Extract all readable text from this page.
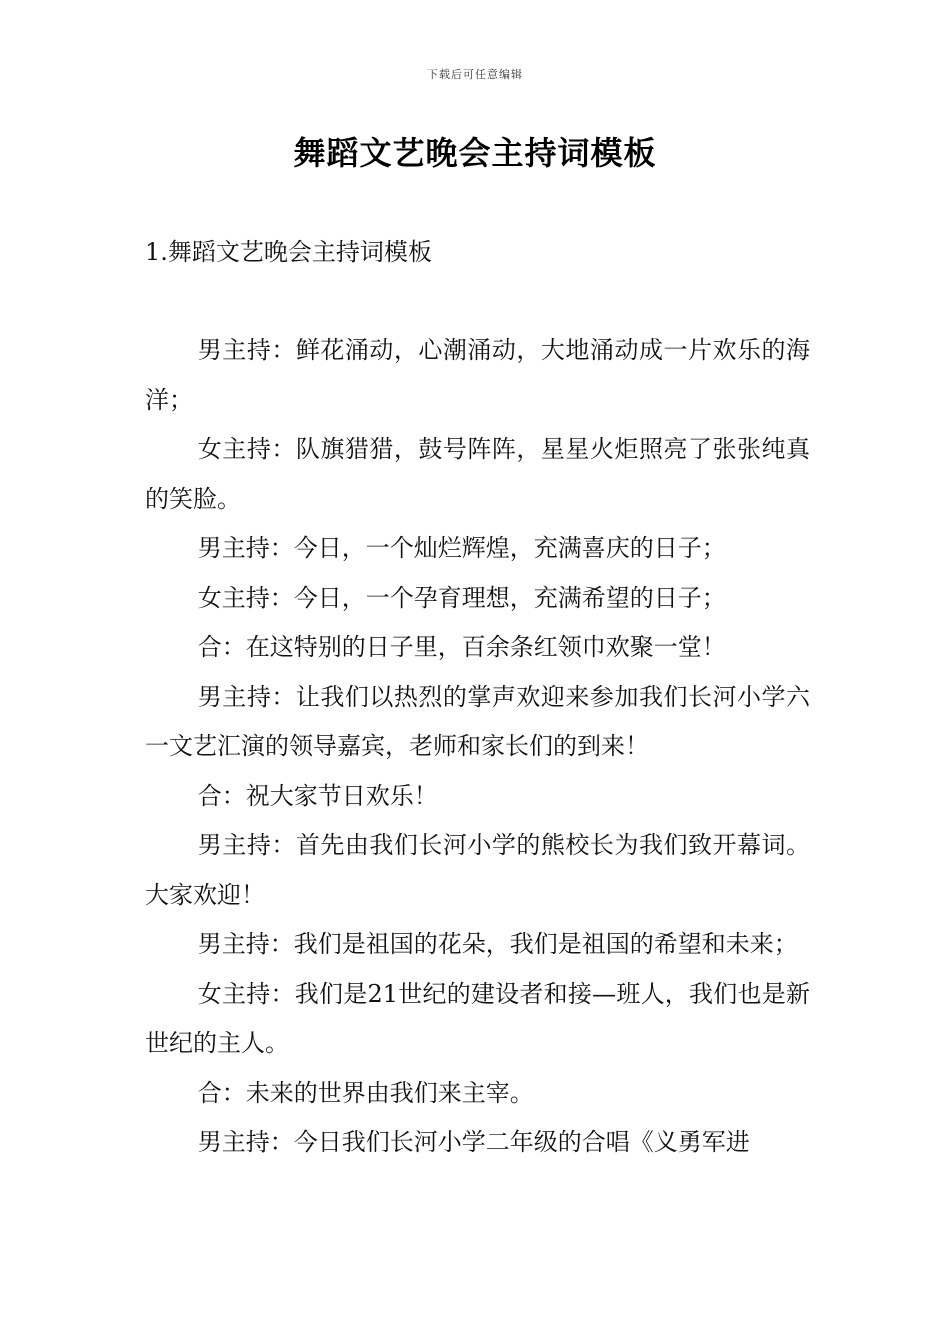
下载后可任意编辑
舞蹈文艺晚会主持词模板
1.舞蹈文艺晚会主持词模板

男主持：鲜花涌动，心潮涌动，大地涌动成一片欢乐的海洋；

女主持：队旗猎猎，鼓号阵阵，星星火炬照亮了张张纯真的笑脸。

男主持：今日，一个灿烂辉煌，充满喜庆的日子；

女主持：今日，一个孕育理想，充满希望的日子；

合：在这特别的日子里，百余条红领巾欢聚一堂！

男主持：让我们以热烈的掌声欢迎来参加我们长河小学六一文艺汇演的领导嘉宾，老师和家长们的到来！

合：祝大家节日欢乐！

男主持：首先由我们长河小学的熊校长为我们致开幕词。大家欢迎！

男主持：我们是祖国的花朵，我们是祖国的希望和未来；

女主持：我们是21世纪的建设者和接—班人，我们也是新世纪的主人。

合：未来的世界由我们来主宰。

男主持：今日我们长河小学二年级的合唱《义勇军进
